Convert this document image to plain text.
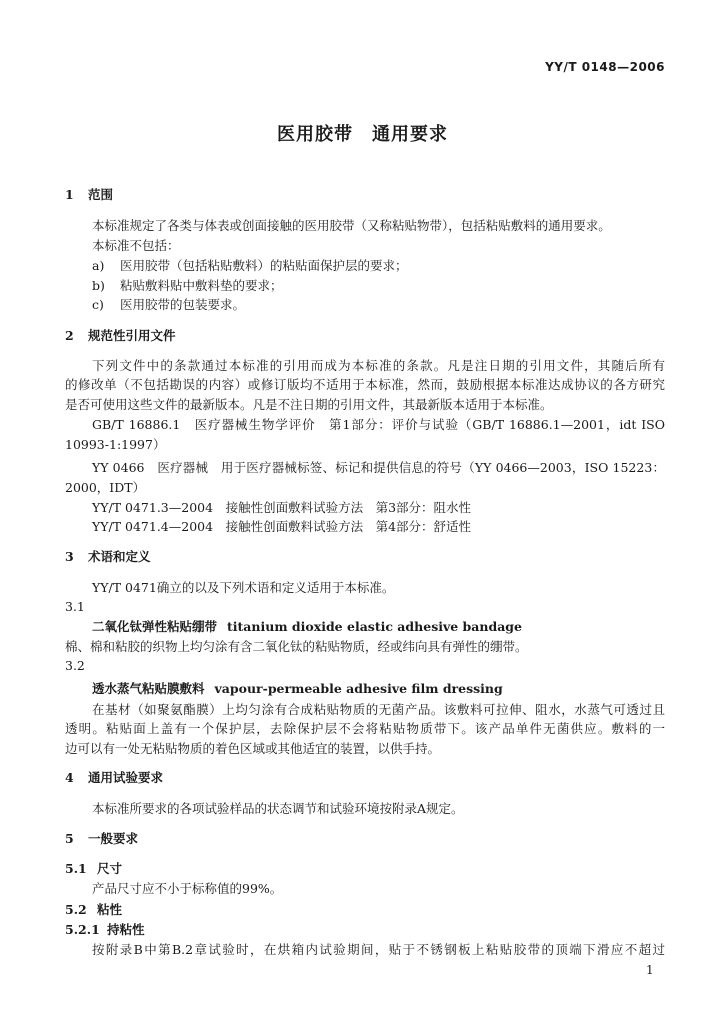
YY/T 0148—2006
医用胶带　通用要求
1 范围
本标准规定了各类与体表或创面接触的医用胶带（又称粘贴物带），包括粘贴敷料的通用要求。
本标准不包括：
a) 医用胶带（包括粘贴敷料）的粘贴面保护层的要求；
b) 粘贴敷料贴中敷料垫的要求；
c) 医用胶带的包装要求。
2 规范性引用文件
下列文件中的条款通过本标准的引用而成为本标准的条款。凡是注日期的引用文件，其随后所有
的修改单（不包括勘误的内容）或修订版均不适用于本标准，然而，鼓励根据本标准达成协议的各方研究
是否可使用这些文件的最新版本。凡是不注日期的引用文件，其最新版本适用于本标准。
GB/T 16886.1　医疗器械生物学评价　第1部分：评价与试验（GB/T 16886.1—2001，idt ISO
10993-1:1997）
YY 0466　医疗器械　用于医疗器械标签、标记和提供信息的符号（YY 0466—2003，ISO 15223：
2000，IDT）
YY/T 0471.3—2004　接触性创面敷料试验方法　第3部分：阻水性
YY/T 0471.4—2004　接触性创面敷料试验方法　第4部分：舒适性
3 术语和定义
YY/T 0471确立的以及下列术语和定义适用于本标准。
3.1
二氧化钛弹性粘贴绷带 titanium dioxide elastic adhesive bandage
棉、棉和粘胶的织物上均匀涂有含二氧化钛的粘贴物质，经或纬向具有弹性的绷带。
3.2
透水蒸气粘贴膜敷料 vapour-permeable adhesive film dressing
在基材（如聚氨酯膜）上均匀涂有合成粘贴物质的无菌产品。该敷料可拉伸、阻水，水蒸气可透过且
透明。粘贴面上盖有一个保护层，去除保护层不会将粘贴物质带下。该产品单件无菌供应。敷料的一
边可以有一处无粘贴物质的着色区域或其他适宜的装置，以供手持。
4 通用试验要求
本标准所要求的各项试验样品的状态调节和试验环境按附录A规定。
5 一般要求
5.1 尺寸
产品尺寸应不小于标称值的99%。
5.2 粘性
5.2.1 持粘性
按附录B中第B.2章试验时，在烘箱内试验期间，贴于不锈钢板上粘贴胶带的顶端下滑应不超过
1
